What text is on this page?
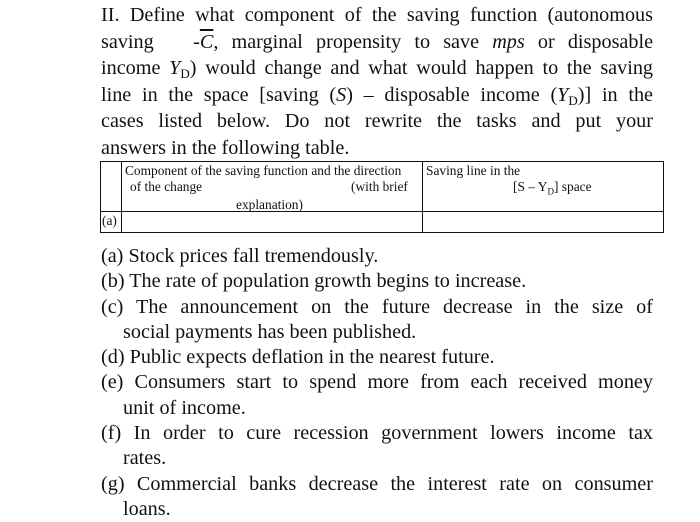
II. Define what component of the saving function (autonomous
saving $-\overline{C}$, marginal propensity to save mps or disposable
income $Y_D$) would change and what would happen to the saving
line in the space [saving (S) – disposable income $(Y_D)$] in the
cases listed below. Do not rewrite the tasks and put your
answers in the following table.

	Component of the saving function and the direction
of the change (with brief
explanation)	Saving line in the
$[S - Y_D]$ space

(a)		

(a) Stock prices fall tremendously.
(b) The rate of population growth begins to increase.
(c) The announcement on the future decrease in the size of
social payments has been published.
(d) Public expects deflation in the nearest future.
(e) Consumers start to spend more from each received money
unit of income.
(f) In order to cure recession government lowers income tax
rates.
(g) Commercial banks decrease the interest rate on consumer
loans.
